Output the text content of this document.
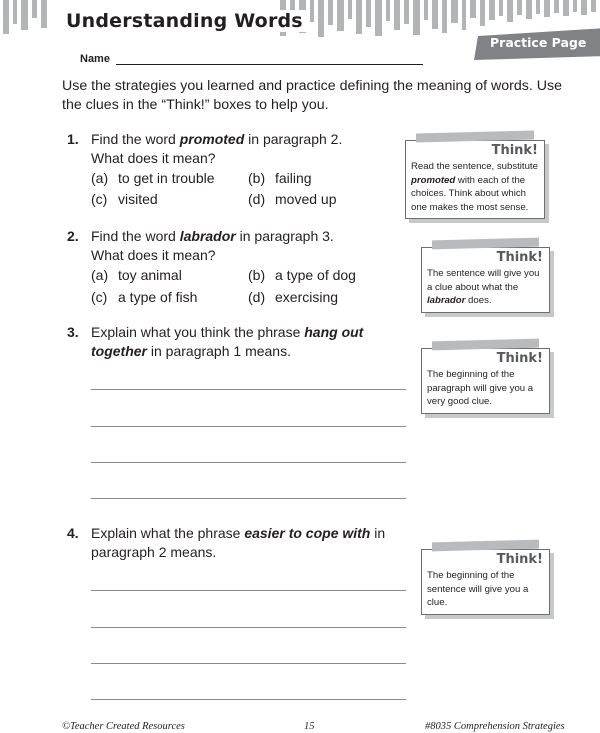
Understanding Words
Practice Page
Name
Use the strategies you learned and practice defining the meaning of words. Use the clues in the “Think!” boxes to help you.
1. Find the word promoted in paragraph 2.
What does it mean?
(a) to get in trouble (b) failing
(c) visited	(d) moved up
2. Find the word labrador in paragraph 3.
What does it mean?
(a) toy animal	(b) a type of dog
(c) a type of fish	(d) exercising
3. Explain what you think the phrase hang out
together in paragraph 1 means.
4. Explain what the phrase easier to cope with in
paragraph 2 means.
Think!
Read the sentence, substitute promoted with each of the choices. Think about which one makes the most sense.
Think!
The sentence will give you a clue about what the labrador does.
Think!
The beginning of the paragraph will give you a very good clue.
Think!
The beginning of the sentence will give you a clue.
©Teacher Created Resources	15	#8035 Comprehension Strategies
